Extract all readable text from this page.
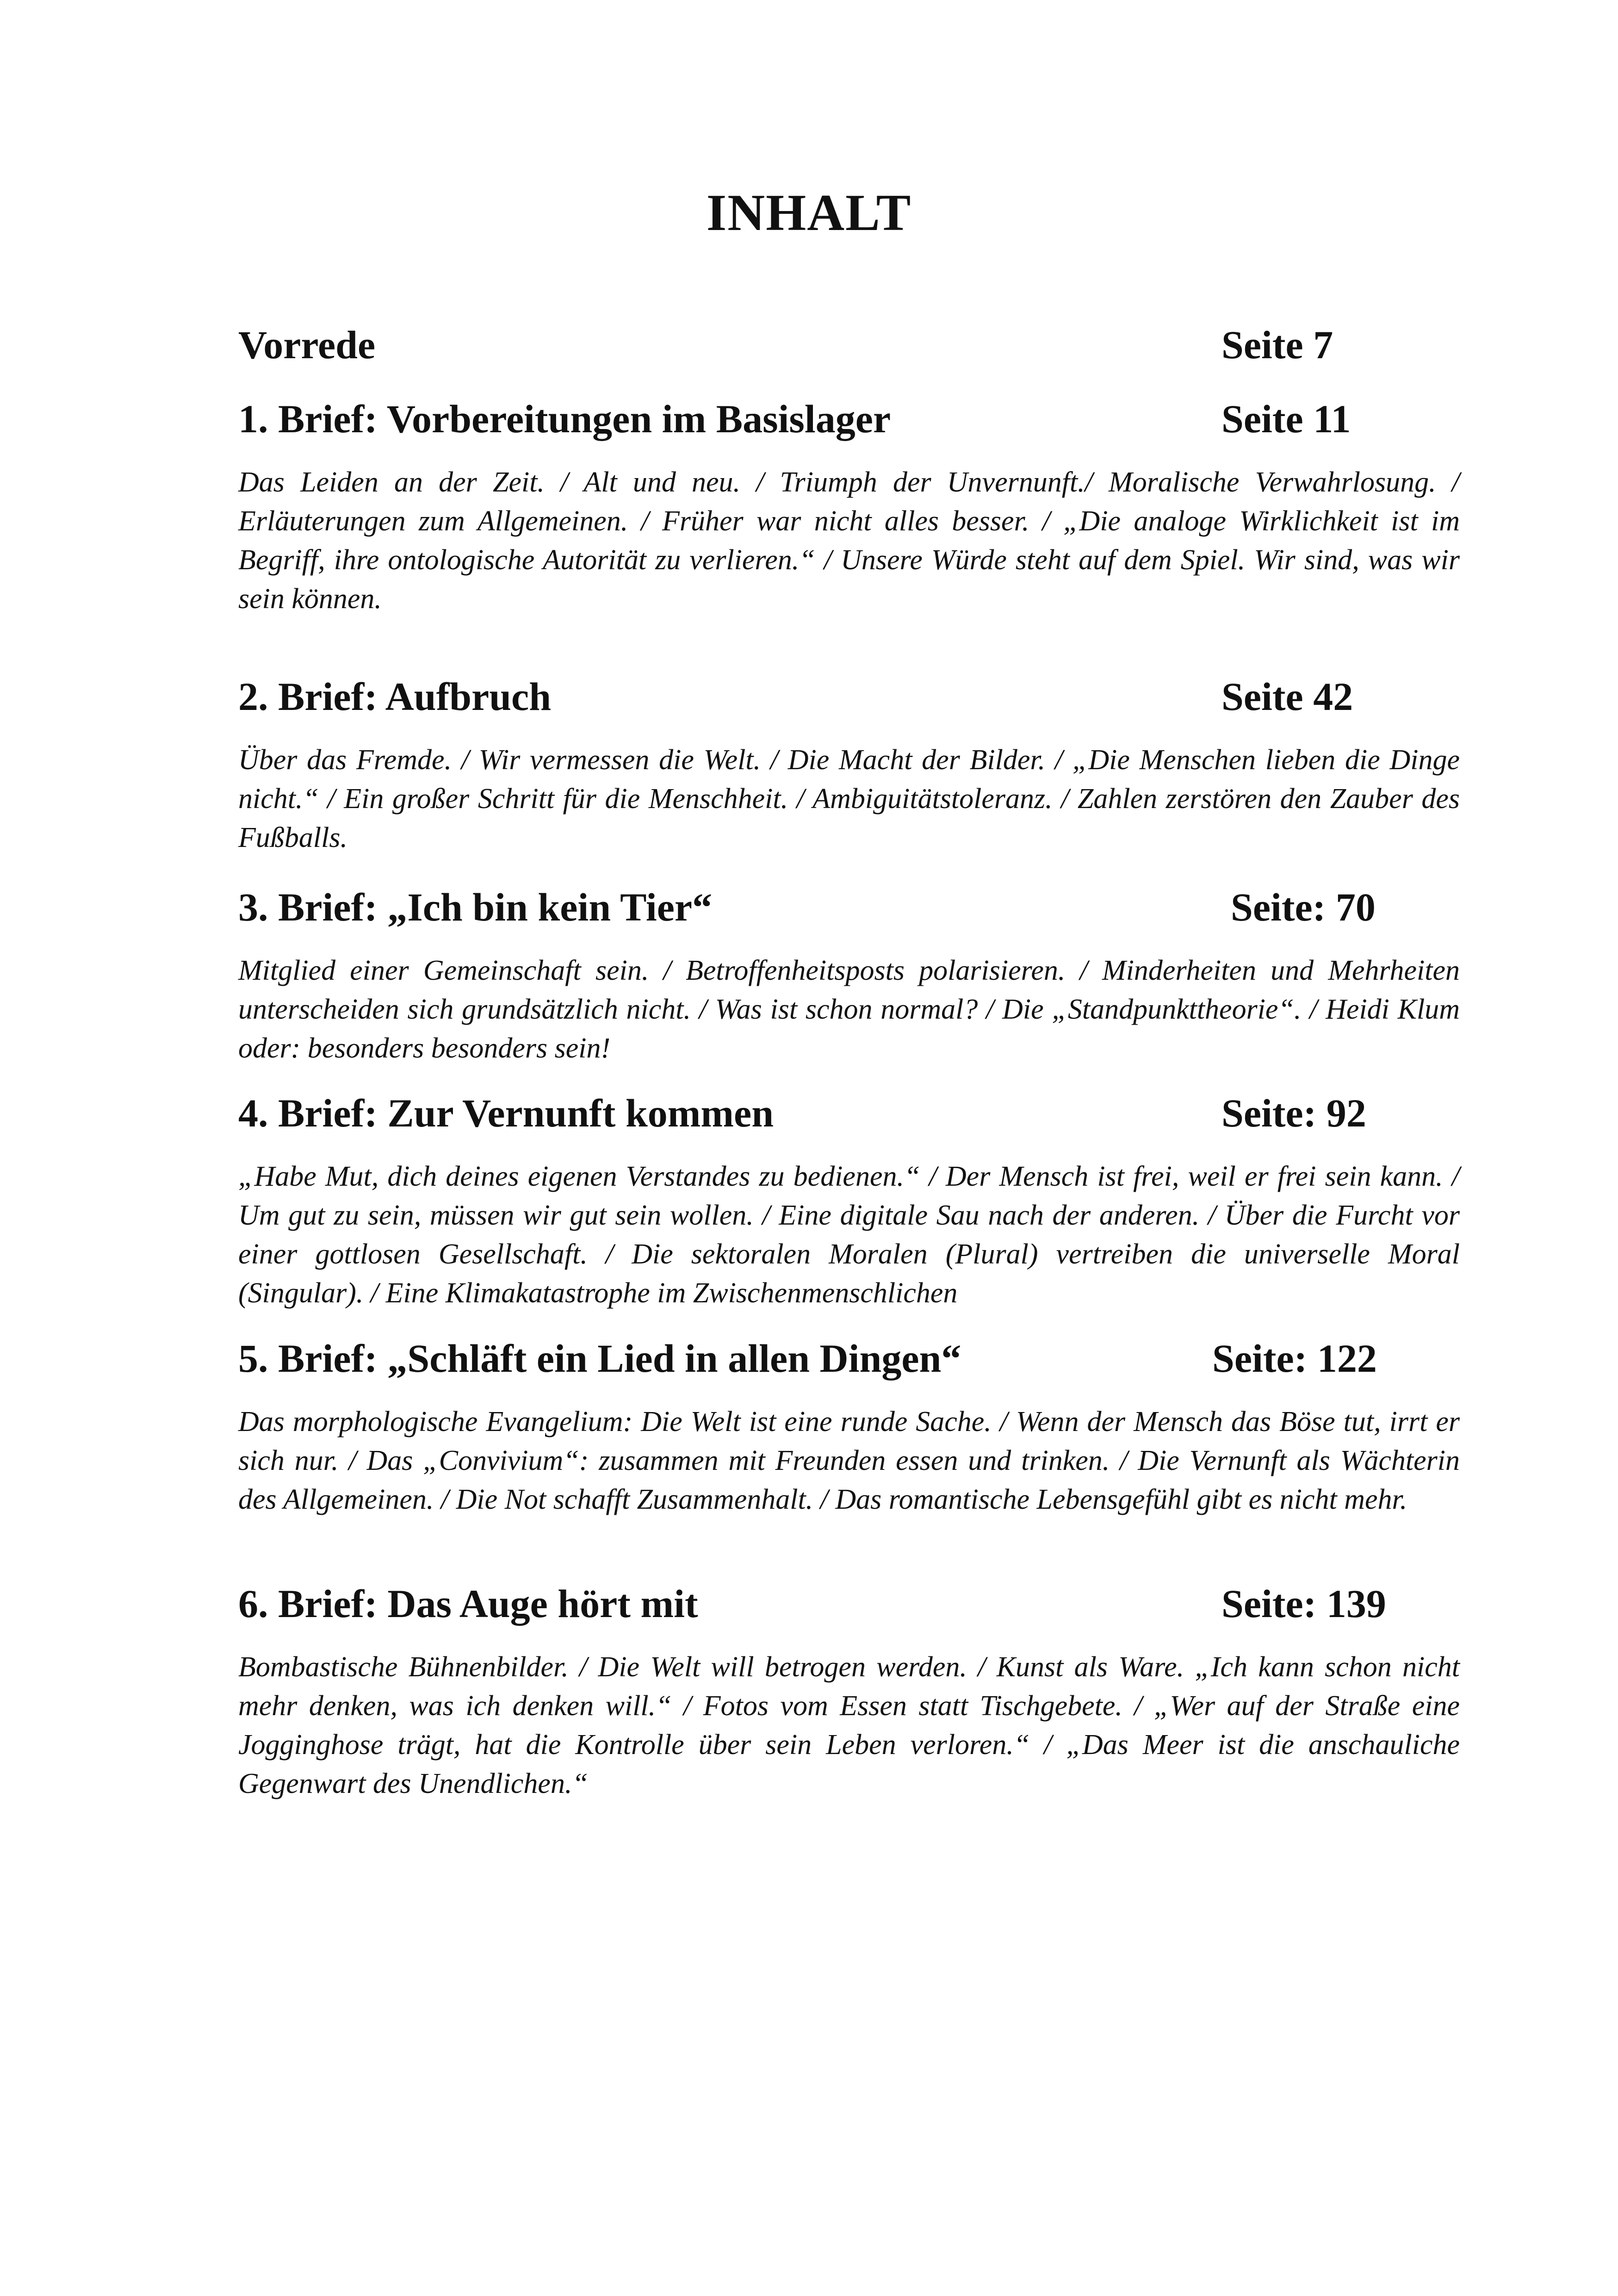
INHALT
Vorrede	Seite 7
1. Brief: Vorbereitungen im Basislager	Seite 11
Das Leiden an der Zeit. / Alt und neu. / Triumph der Unvernunft./ Moralische Verwahrlosung. / Erläuterungen zum Allgemeinen. / Früher war nicht alles besser. / „Die analoge Wirklichkeit ist im Begriff, ihre ontologische Autorität zu verlieren.“ / Unsere Würde steht auf dem Spiel. Wir sind, was wir sein können.
2. Brief: Aufbruch	Seite 42
Über das Fremde. / Wir vermessen die Welt. / Die Macht der Bilder. / „Die Menschen lieben die Dinge nicht.“ / Ein großer Schritt für die Menschheit. / Ambiguitätstoleranz. / Zahlen zerstören den Zauber des Fußballs.
3. Brief: „Ich bin kein Tier“	Seite: 70
Mitglied einer Gemeinschaft sein. / Betroffenheitsposts polarisieren. / Minderheiten und Mehrheiten unterscheiden sich grundsätzlich nicht. / Was ist schon normal? / Die „Standpunkttheorie“. / Heidi Klum oder: besonders besonders sein!
4. Brief: Zur Vernunft kommen	Seite: 92
„Habe Mut, dich deines eigenen Verstandes zu bedienen.“ / Der Mensch ist frei, weil er frei sein kann. / Um gut zu sein, müssen wir gut sein wollen. / Eine digitale Sau nach der anderen. / Über die Furcht vor einer gottlosen Gesellschaft. / Die sektoralen Moralen (Plural) vertreiben die universelle Moral (Singular). / Eine Klimakatastrophe im Zwischenmenschlichen
5. Brief: „Schläft ein Lied in allen Dingen“	Seite: 122
Das morphologische Evangelium: Die Welt ist eine runde Sache. / Wenn der Mensch das Böse tut, irrt er sich nur. / Das „Convivium“: zusammen mit Freunden essen und trinken. / Die Vernunft als Wächterin des Allgemeinen. / Die Not schafft Zusammenhalt. / Das romantische Lebensgefühl gibt es nicht mehr.
6. Brief: Das Auge hört mit	Seite: 139
Bombastische Bühnenbilder. / Die Welt will betrogen werden. / Kunst als Ware. „Ich kann schon nicht mehr denken, was ich denken will.“ / Fotos vom Essen statt Tischgebete. / „Wer auf der Straße eine Jogginghose trägt, hat die Kontrolle über sein Leben verloren.“ / „Das Meer ist die anschauliche Gegenwart des Unendlichen.“
